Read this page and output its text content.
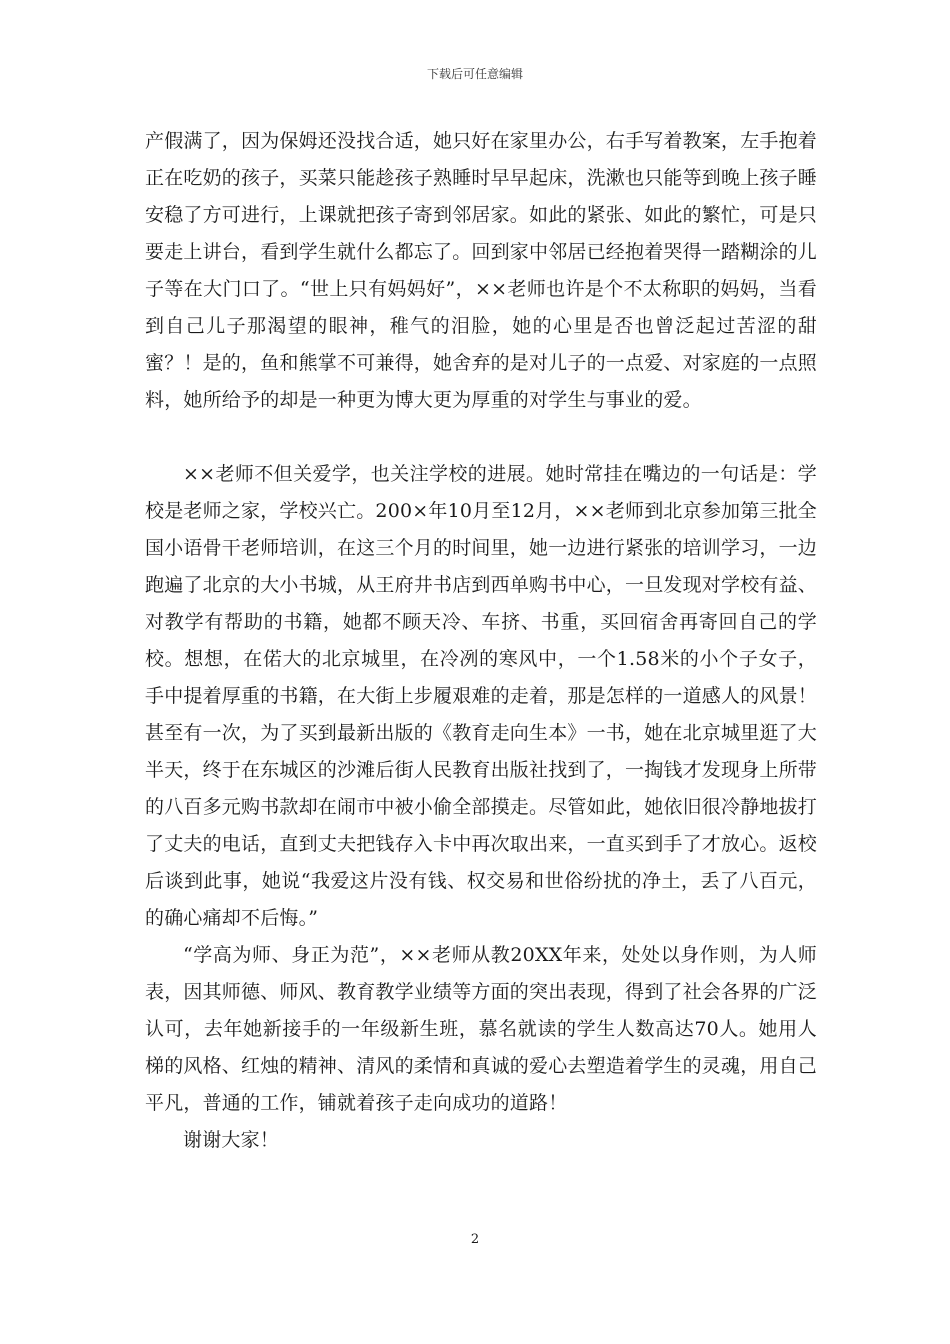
下载后可任意编辑

产假满了，因为保姆还没找合适，她只好在家里办公，右手写着教案，左手抱着正在吃奶的孩子，买菜只能趁孩子熟睡时早早起床，洗漱也只能等到晚上孩子睡安稳了方可进行，上课就把孩子寄到邻居家。如此的紧张、如此的繁忙，可是只要走上讲台，看到学生就什么都忘了。回到家中邻居已经抱着哭得一踏糊涂的儿子等在大门口了。“世上只有妈妈好”，××老师也许是个不太称职的妈妈，当看到自己儿子那渴望的眼神，稚气的泪脸，她的心里是否也曾泛起过苦涩的甜蜜？！是的，鱼和熊掌不可兼得，她舍弃的是对儿子的一点爱、对家庭的一点照料，她所给予的却是一种更为博大更为厚重的对学生与事业的爱。

××老师不但关爱学，也关注学校的进展。她时常挂在嘴边的一句话是：学校是老师之家，学校兴亡。200×年10月至12月，××老师到北京参加第三批全国小语骨干老师培训，在这三个月的时间里，她一边进行紧张的培训学习，一边跑遍了北京的大小书城，从王府井书店到西单购书中心，一旦发现对学校有益、对教学有帮助的书籍，她都不顾天冷、车挤、书重，买回宿舍再寄回自己的学校。想想，在偌大的北京城里，在冷冽的寒风中，一个1.58米的小个子女子，手中提着厚重的书籍，在大街上步履艰难的走着，那是怎样的一道感人的风景！甚至有一次，为了买到最新出版的《教育走向生本》一书，她在北京城里逛了大半天，终于在东城区的沙滩后街人民教育出版社找到了，一掏钱才发现身上所带的八百多元购书款却在闹市中被小偷全部摸走。尽管如此，她依旧很冷静地拔打了丈夫的电话，直到丈夫把钱存入卡中再次取出来，一直买到手了才放心。返校后谈到此事，她说“我爱这片没有钱、权交易和世俗纷扰的净土，丢了八百元，的确心痛却不后悔。”

“学高为师、身正为范”，××老师从教20XX年来，处处以身作则，为人师表，因其师德、师风、教育教学业绩等方面的突出表现，得到了社会各界的广泛认可，去年她新接手的一年级新生班，慕名就读的学生人数高达70人。她用人梯的风格、红烛的精神、清风的柔情和真诚的爱心去塑造着学生的灵魂，用自己平凡，普通的工作，铺就着孩子走向成功的道路！

谢谢大家！

2
